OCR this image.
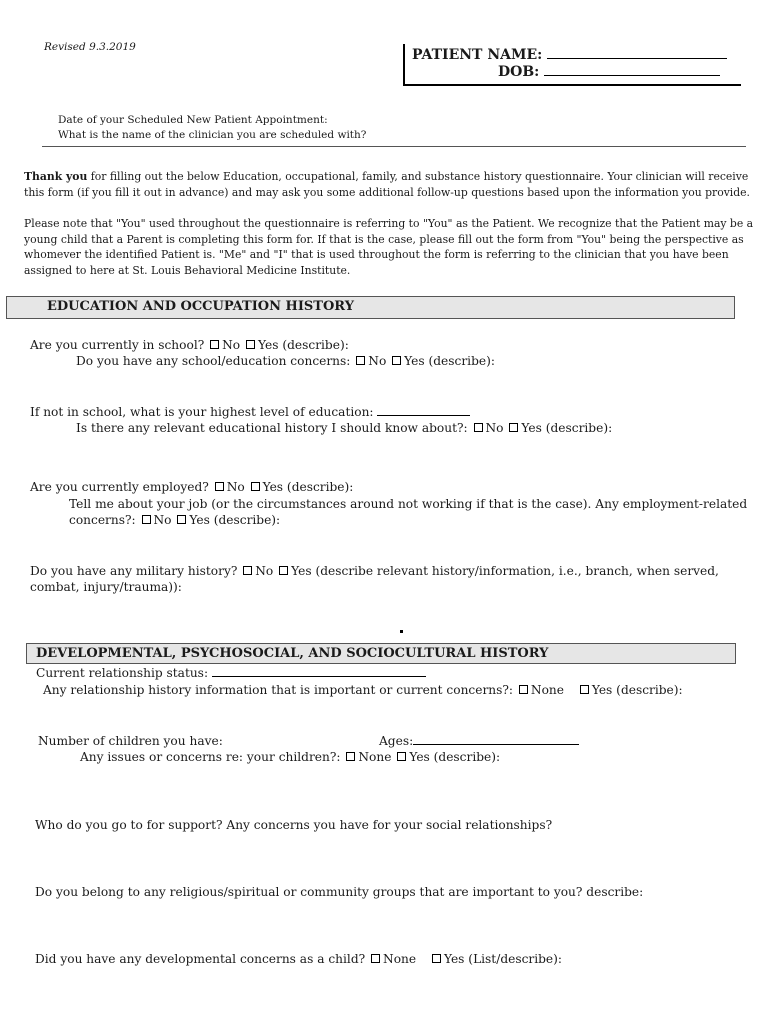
Revised 9.3.2019	PATIENT NAME:
DOB:
Date of your Scheduled New Patient Appointment:
What is the name of the clinician you are scheduled with?
Thank you for filling out the below Education, occupational, family, and substance history questionnaire. Your clinician will receive
this form (if you fill it out in advance) and may ask you some additional follow-up questions based upon the information you provide.
Please note that "You" used throughout the questionnaire is referring to "You" as the Patient. We recognize that the Patient may be a
young child that a Parent is completing this form for. If that is the case, please fill out the form from "You" being the perspective as
whomever the identified Patient is. "Me" and "I" that is used throughout the form is referring to the clinician that you have been
assigned to here at St. Louis Behavioral Medicine Institute.
EDUCATION AND OCCUPATION HISTORY
Are you currently in school? No Yes (describe):
Do you have any school/education concerns: No Yes (describe):
If not in school, what is your highest level of education:
Is there any relevant educational history I should know about?: No Yes (describe):
Are you currently employed? No Yes (describe):
Tell me about your job (or the circumstances around not working if that is the case). Any employment-related
concerns?: No Yes (describe):
Do you have any military history? No Yes (describe relevant history/information, i.e., branch, when served,
combat, injury/trauma)):
DEVELOPMENTAL, PSYCHOSOCIAL, AND SOCIOCULTURAL HISTORY
Current relationship status:
Any relationship history information that is important or current concerns?: None Yes (describe):
Number of children you have:	Ages:
Any issues or concerns re: your children?: None Yes (describe):
Who do you go to for support? Any concerns you have for your social relationships?
Do you belong to any religious/spiritual or community groups that are important to you? describe:
Did you have any developmental concerns as a child? None Yes (List/describe):
